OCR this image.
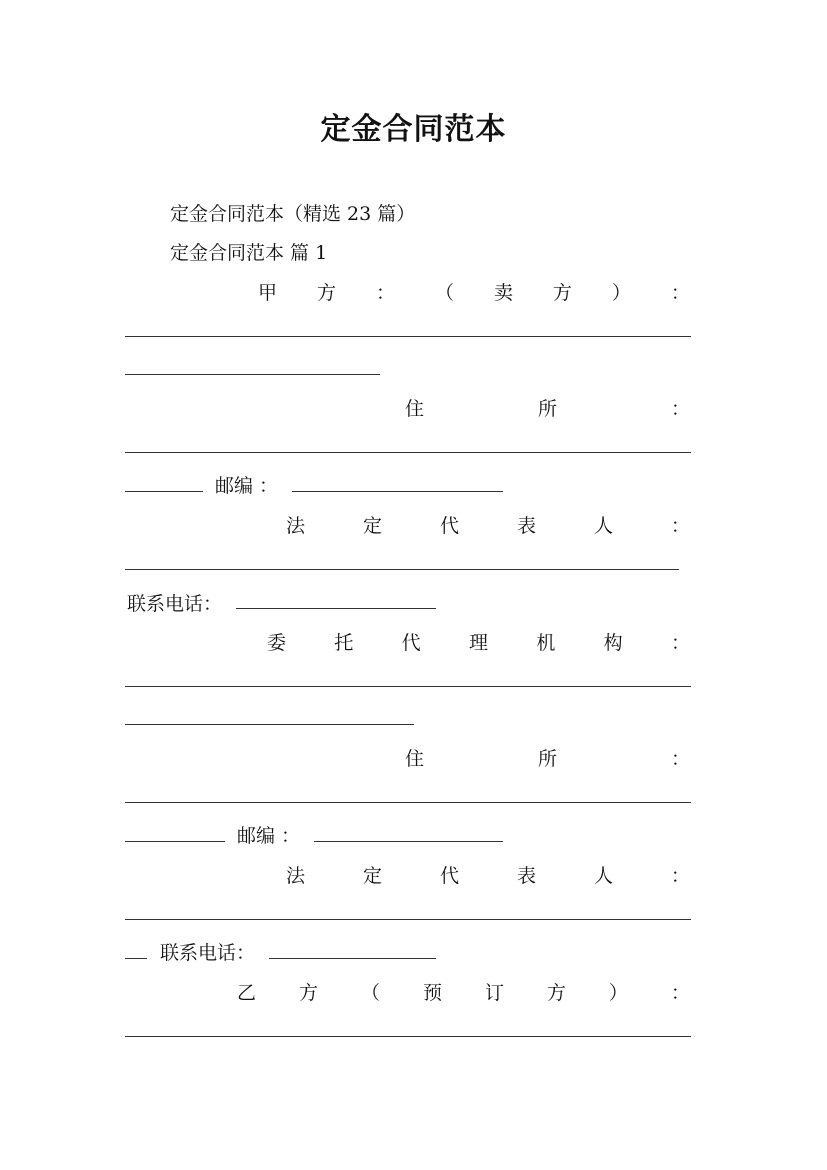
定金合同范本
定金合同范本（精选 23 篇）
定金合同范本 篇 1
甲 方 ： （ 卖 方 ） ：
住	所	：
邮编 ：
法	定	代	表	人	：
联系电话：
委	托	代	理	机	构	：
住	所	：
邮编 ：
法	定	代	表	人	：
联系电话：
乙 方 （ 预 订 方 ） ：
